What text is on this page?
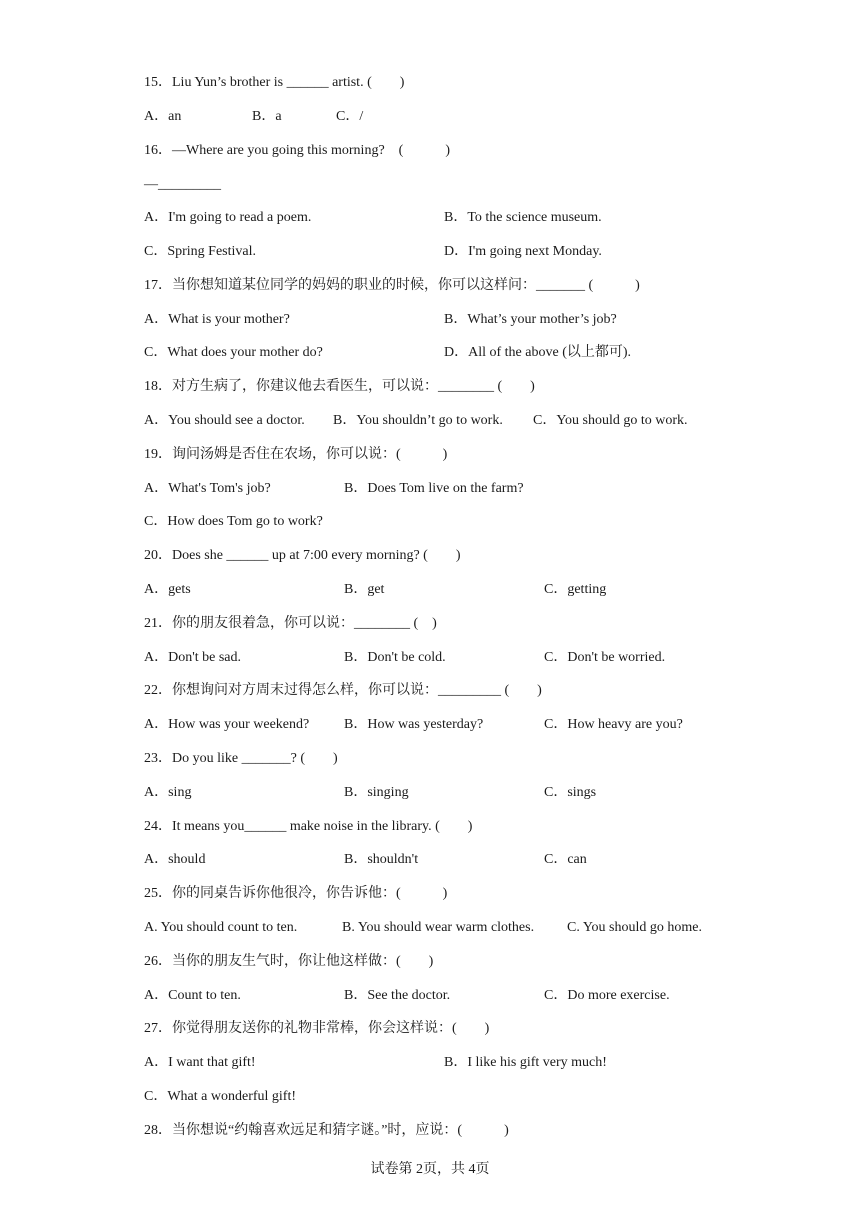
15．Liu Yun’s brother is ______ artist. (　　)
A．an	B．a	C．/
16．—Where are you going this morning?　(　　　)
—_________
A．I'm going to read a poem.	B．To the science museum.
C．Spring Festival.	D．I'm going next Monday.
17．当你想知道某位同学的妈妈的职业的时候，你可以这样问：_______ (　　　)
A．What is your mother?	B．What’s your mother’s job?
C．What does your mother do?	D．All of the above (以上都可).
18．对方生病了，你建议他去看医生，可以说：________ (　　)
A．You should see a doctor. B．You shouldn’t go to work. C．You should go to work.
19．询问汤姆是否住在农场，你可以说：(　　　)
A．What's Tom's job?	B．Does Tom live on the farm?
C．How does Tom go to work?
20．Does she ______ up at 7:00 every morning? (　　)
A．gets	B．get	C．getting
21．你的朋友很着急，你可以说：________ (　)
A．Don't be sad.	B．Don't be cold.	C．Don't be worried.
22．你想询问对方周末过得怎么样，你可以说：_________ (　　)
A．How was your weekend? B．How was yesterday?	C．How heavy are you?
23．Do you like _______? (　　)
A．sing	B．singing	C．sings
24．It means you______ make noise in the library. (　　)
A．should	B．shouldn't	C．can
25．你的同桌告诉你他很冷，你告诉他：(　　　)
A. You should count to ten.	B. You should wear warm clothes. C. You should go home.
26．当你的朋友生气时，你让他这样做：(　　)
A．Count to ten.	B．See the doctor.	C．Do more exercise.
27．你觉得朋友送你的礼物非常棒，你会这样说：(　　)
A．I want that gift!	B．I like his gift very much!
C．What a wonderful gift!
28．当你想说“约翰喜欢远足和猜字谜。”时，应说：(　　　)
试卷第 2页，共 4页
